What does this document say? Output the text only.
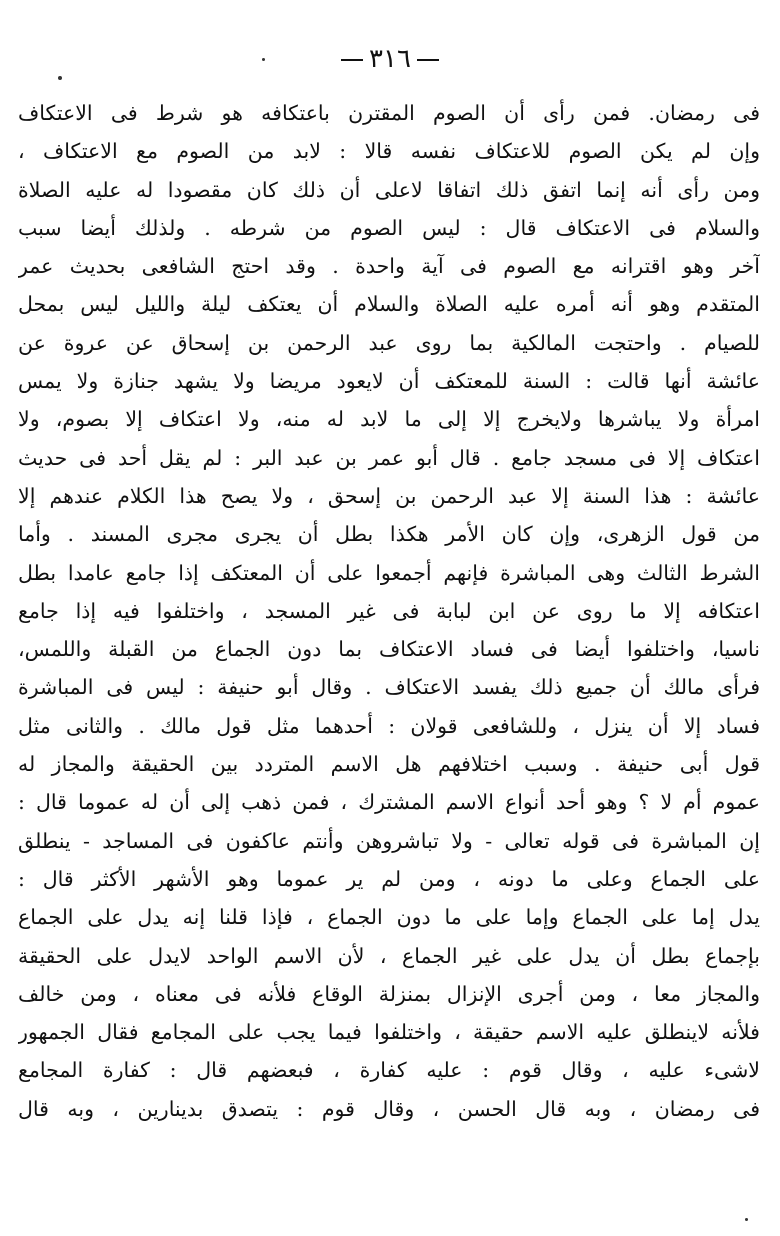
٣١٦
فى رمضان. فمن رأى أن الصوم المقترن باعتكافه هو شرط فى الاعتكاف
وإن لم يكن الصوم للاعتكاف نفسه قالا : لابد من الصوم مع الاعتكاف ،
ومن رأى أنه إنما اتفق ذلك اتفاقا لاعلى أن ذلك كان مقصودا له عليه الصلاة
والسلام فى الاعتكاف قال : ليس الصوم من شرطه . ولذلك أيضا سبب
آخر وهو اقترانه مع الصوم فى آية واحدة . وقد احتج الشافعى بحديث عمر
المتقدم وهو أنه أمره عليه الصلاة والسلام أن يعتكف ليلة والليل ليس بمحل
للصيام . واحتجت المالكية بما روى عبد الرحمن بن إسحاق عن عروة عن
عائشة أنها قالت : السنة للمعتكف أن لايعود مريضا ولا يشهد جنازة ولا يمس
امرأة ولا يباشرها ولايخرج إلا إلى ما لابد له منه، ولا اعتكاف إلا بصوم، ولا
اعتكاف إلا فى مسجد جامع . قال أبو عمر بن عبد البر : لم يقل أحد فى حديث
عائشة : هذا السنة إلا عبد الرحمن بن إسحق ، ولا يصح هذا الكلام عندهم إلا
من قول الزهرى، وإن كان الأمر هكذا بطل أن يجرى مجرى المسند . وأما
الشرط الثالث وهى المباشرة فإنهم أجمعوا على أن المعتكف إذا جامع عامدا بطل
اعتكافه إلا ما روى عن ابن لبابة فى غير المسجد ، واختلفوا فيه إذا جامع
ناسيا، واختلفوا أيضا فى فساد الاعتكاف بما دون الجماع من القبلة واللمس،
فرأى مالك أن جميع ذلك يفسد الاعتكاف . وقال أبو حنيفة : ليس فى المباشرة
فساد إلا أن ينزل ، وللشافعى قولان : أحدهما مثل قول مالك . والثانى مثل
قول أبى حنيفة . وسبب اختلافهم هل الاسم المتردد بين الحقيقة والمجاز له
عموم أم لا ؟ وهو أحد أنواع الاسم المشترك ، فمن ذهب إلى أن له عموما قال :
إن المباشرة فى قوله تعالى - ولا تباشروهن وأنتم عاكفون فى المساجد - ينطلق
على الجماع وعلى ما دونه ، ومن لم ير عموما وهو الأشهر الأكثر قال :
يدل إما على الجماع وإما على ما دون الجماع ، فإذا قلنا إنه يدل على الجماع
بإجماع بطل أن يدل على غير الجماع ، لأن الاسم الواحد لايدل على الحقيقة
والمجاز معا ، ومن أجرى الإنزال بمنزلة الوقاع فلأنه فى معناه ، ومن خالف
فلأنه لاينطلق عليه الاسم حقيقة ، واختلفوا فيما يجب على المجامع فقال الجمهور
لاشىء عليه ، وقال قوم : عليه كفارة ، فبعضهم قال : كفارة المجامع
فى رمضان ، وبه قال الحسن ، وقال قوم : يتصدق بدينارين ، وبه قال
